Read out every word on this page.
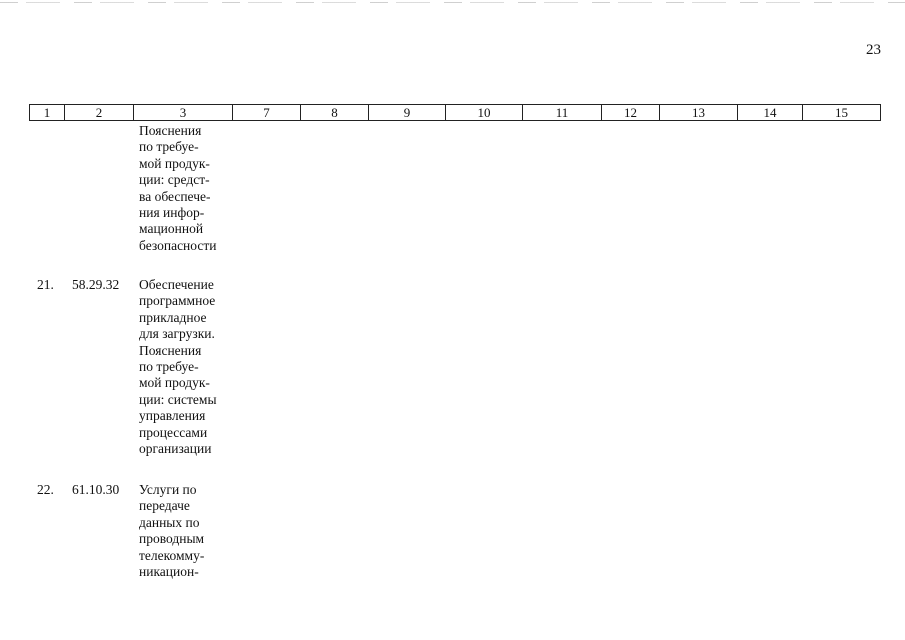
23
1	2	3	7	8	9	10	11	12	13	14	15
Пояснения
по требуе-
мой продук-
ции: средст-
ва обеспече-
ния инфор-
мационной
безопасности
21. 58.29.32 Обеспечение
программное
прикладное
для загрузки.
Пояснения
по требуе-
мой продук-
ции: системы
управления
процессами
организации
22. 61.10.30 Услуги по
передаче
данных по
проводным
телекомму-
никацион-
